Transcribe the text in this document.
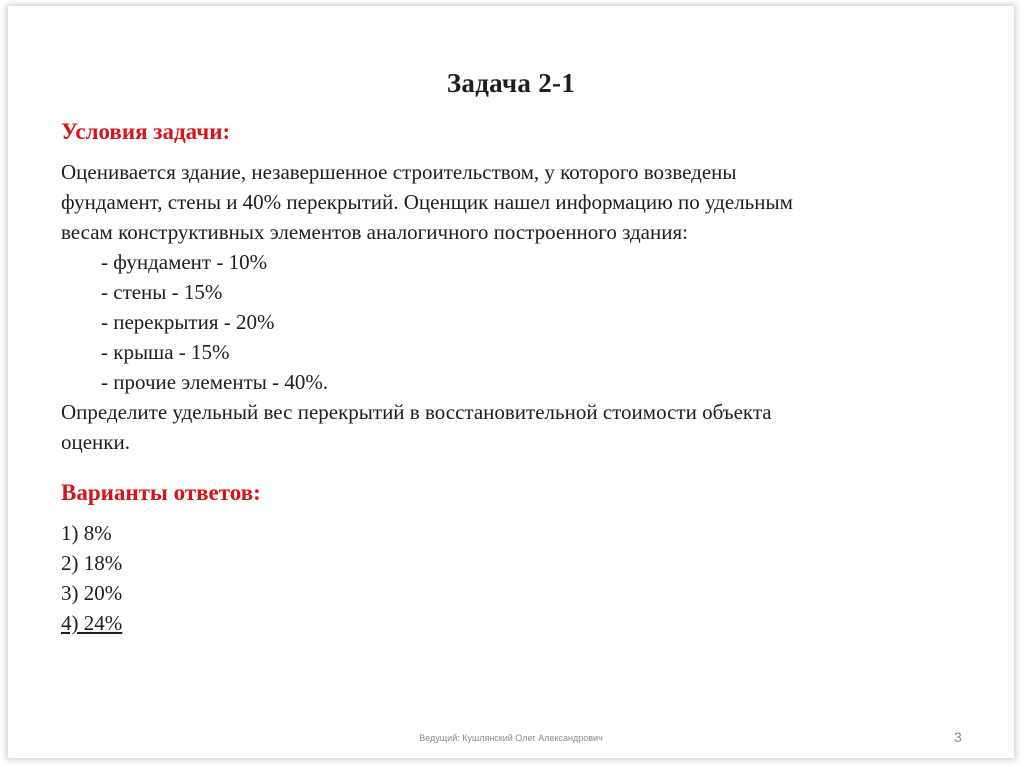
Задача 2-1
Условия задачи:
Оценивается здание, незавершенное строительством, у которого возведены
фундамент, стены и 40% перекрытий. Оценщик нашел информацию по удельным
весам конструктивных элементов аналогичного построенного здания:
- фундамент - 10%
- стены - 15%
- перекрытия - 20%
- крыша - 15%
- прочие элементы - 40%.
Определите удельный вес перекрытий в восстановительной стоимости объекта
оценки.
Варианты ответов:
1) 8%
2) 18%
3) 20%
4) 24%
Ведущий: Кушлянский Олег Александрович	3
